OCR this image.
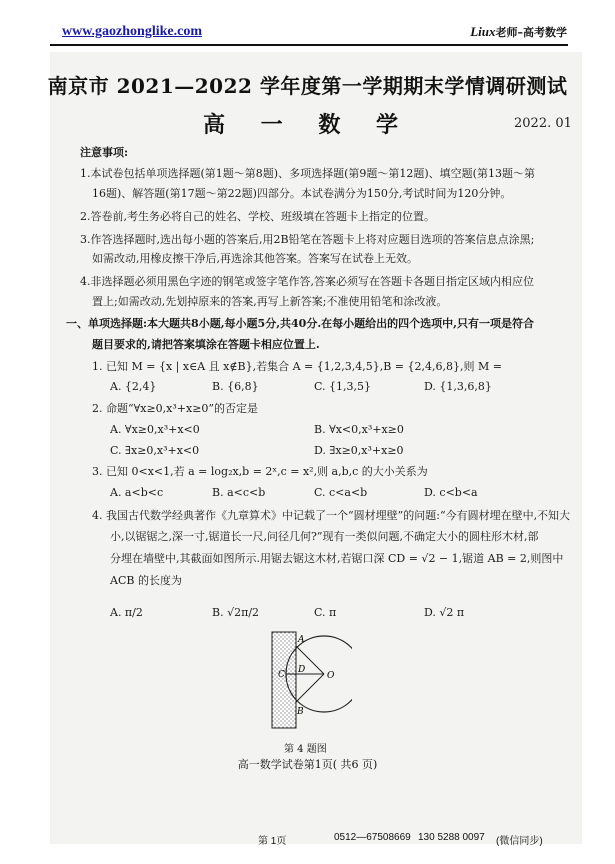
www.gaozhonglike.com	Liux老师–高考数学
南京市 2021—2022 学年度第一学期期末学情调研测试
高 一 数 学	2022. 01
注意事项:
1.本试卷包括单项选择题(第1题～第8题)、多项选择题(第9题～第12题)、填空题(第13题～第
16题)、解答题(第17题～第22题)四部分。本试卷满分为150分,考试时间为120分钟。
2.答卷前,考生务必将自己的姓名、学校、班级填在答题卡上指定的位置。
3.作答选择题时,选出每小题的答案后,用2B铅笔在答题卡上将对应题目选项的答案信息点涂黑;
如需改动,用橡皮擦干净后,再选涂其他答案。答案写在试卷上无效。
4.非选择题必须用黑色字迹的钢笔或签字笔作答,答案必须写在答题卡各题目指定区域内相应位
置上;如需改动,先划掉原来的答案,再写上新答案;不准使用铅笔和涂改液。
一、单项选择题:本大题共8小题,每小题5分,共40分.在每小题给出的四个选项中,只有一项是符合
题目要求的,请把答案填涂在答题卡相应位置上.
1. 已知 M = {x | x∈A 且 x∉B},若集合 A = {1,2,3,4,5},B = {2,4,6,8},则 M =
A. {2,4}	B. {6,8}	C. {1,3,5}	D. {1,3,6,8}
2. 命题“∀x≥0,x³+x≥0”的否定是
A. ∀x≥0,x³+x<0	B. ∀x<0,x³+x≥0
C. ∃x≥0,x³+x<0	D. ∃x≥0,x³+x≥0
3. 已知 0<x<1,若 a = log₂x,b = 2ˣ,c = x²,则 a,b,c 的大小关系为
A. a<b<c	B. a<c<b	C. c<a<b	D. c<b<a
4. 我国古代数学经典著作《九章算术》中记载了一个“圆材埋壁”的问题:“今有圆材埋在壁中,不知大
小,以锯锯之,深一寸,锯道长一尺,问径几何?”现有一类似问题,不确定大小的圆柱形木材,部
分埋在墙壁中,其截面如图所示.用锯去锯这木材,若锯口深 CD = √2 − 1,锯道 AB = 2,则图中
ACB 的长度为
A. π/2	B. √2π/2	C. π	D. √2 π
A
B
C D
O
第 4 题图
高一数学试卷第1页( 共6 页)
第 1页	0512—67508669 130 5288 0097 (微信同步)
